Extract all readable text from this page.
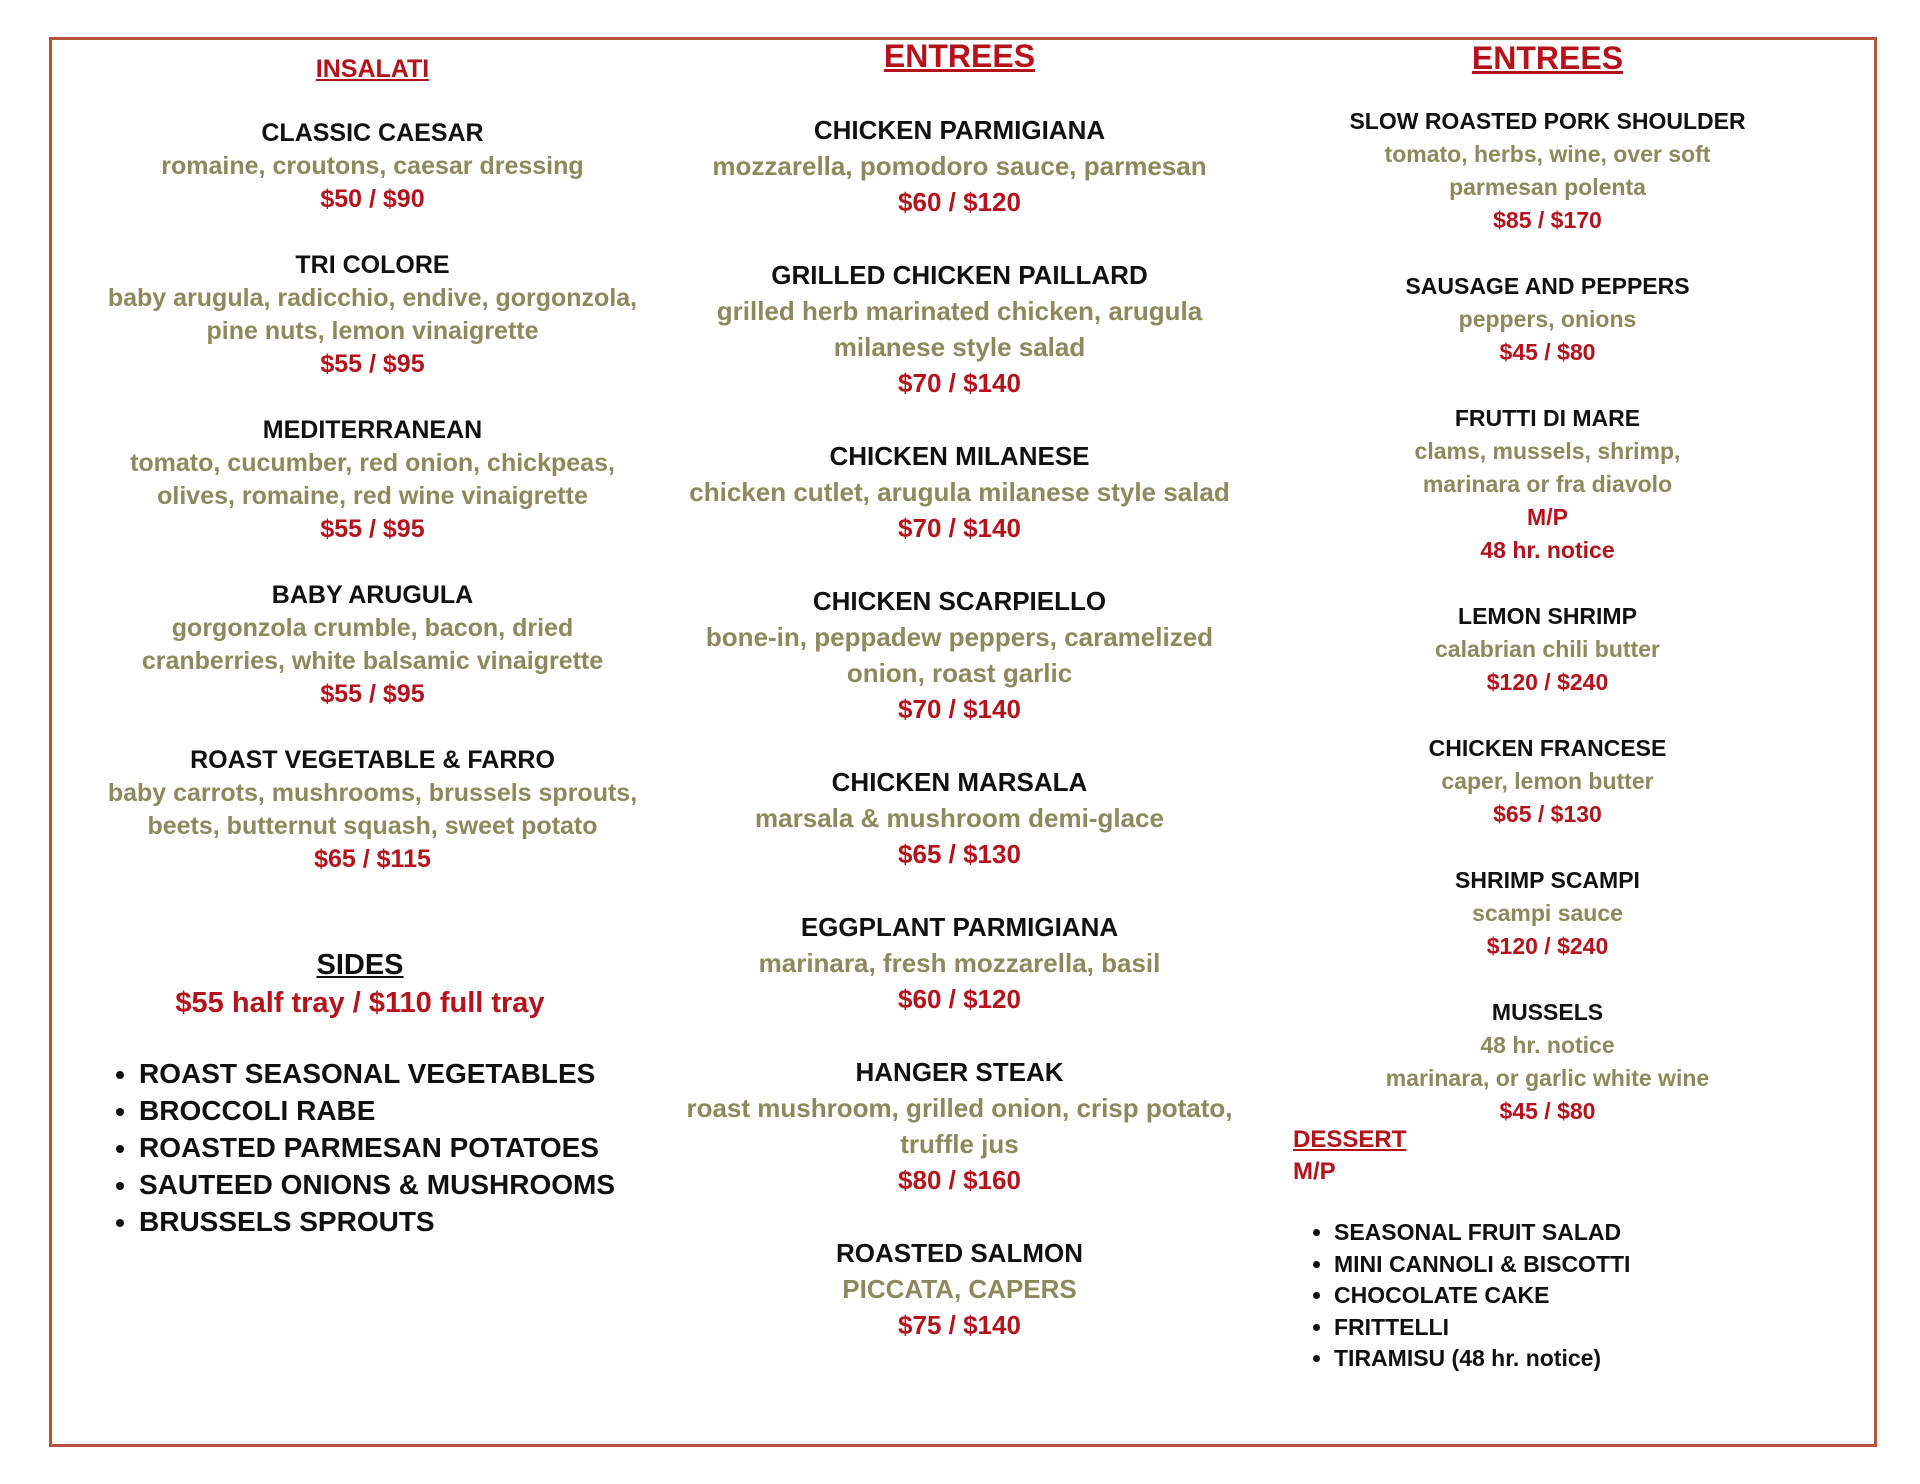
INSALATI
CLASSIC CAESAR
romaine, croutons, caesar dressing
$50 / $90
TRI COLORE
baby arugula, radicchio, endive, gorgonzola,
pine nuts, lemon vinaigrette
$55 / $95
MEDITERRANEAN
tomato, cucumber, red onion, chickpeas,
olives, romaine, red wine vinaigrette
$55 / $95
BABY ARUGULA
gorgonzola crumble, bacon, dried
cranberries, white balsamic vinaigrette
$55 / $95
ROAST VEGETABLE & FARRO
baby carrots, mushrooms, brussels sprouts,
beets, butternut squash, sweet potato
$65 / $115
SIDES
$55 half tray / $110 full tray
• ROAST SEASONAL VEGETABLES
• BROCCOLI RABE
• ROASTED PARMESAN POTATOES
• SAUTEED ONIONS & MUSHROOMS
• BRUSSELS SPROUTS
ENTREES
CHICKEN PARMIGIANA
mozzarella, pomodoro sauce, parmesan
$60 / $120
GRILLED CHICKEN PAILLARD
grilled herb marinated chicken, arugula
milanese style salad
$70 / $140
CHICKEN MILANESE
chicken cutlet, arugula milanese style salad
$70 / $140
CHICKEN SCARPIELLO
bone-in, peppadew peppers, caramelized
onion, roast garlic
$70 / $140
CHICKEN MARSALA
marsala & mushroom demi-glace
$65 / $130
EGGPLANT PARMIGIANA
marinara, fresh mozzarella, basil
$60 / $120
HANGER STEAK
roast mushroom, grilled onion, crisp potato,
truffle jus
$80 / $160
ROASTED SALMON
PICCATA, CAPERS
$75 / $140
ENTREES
SLOW ROASTED PORK SHOULDER
tomato, herbs, wine, over soft
parmesan polenta
$85 / $170
SAUSAGE AND PEPPERS
peppers, onions
$45 / $80
FRUTTI DI MARE
clams, mussels, shrimp,
marinara or fra diavolo
M/P
48 hr. notice
LEMON SHRIMP
calabrian chili butter
$120 / $240
CHICKEN FRANCESE
caper, lemon butter
$65 / $130
SHRIMP SCAMPI
scampi sauce
$120 / $240
MUSSELS
48 hr. notice
marinara, or garlic white wine
$45 / $80
DESSERT
M/P
• SEASONAL FRUIT SALAD
• MINI CANNOLI & BISCOTTI
• CHOCOLATE CAKE
• FRITTELLI
• TIRAMISU (48 hr. notice)
